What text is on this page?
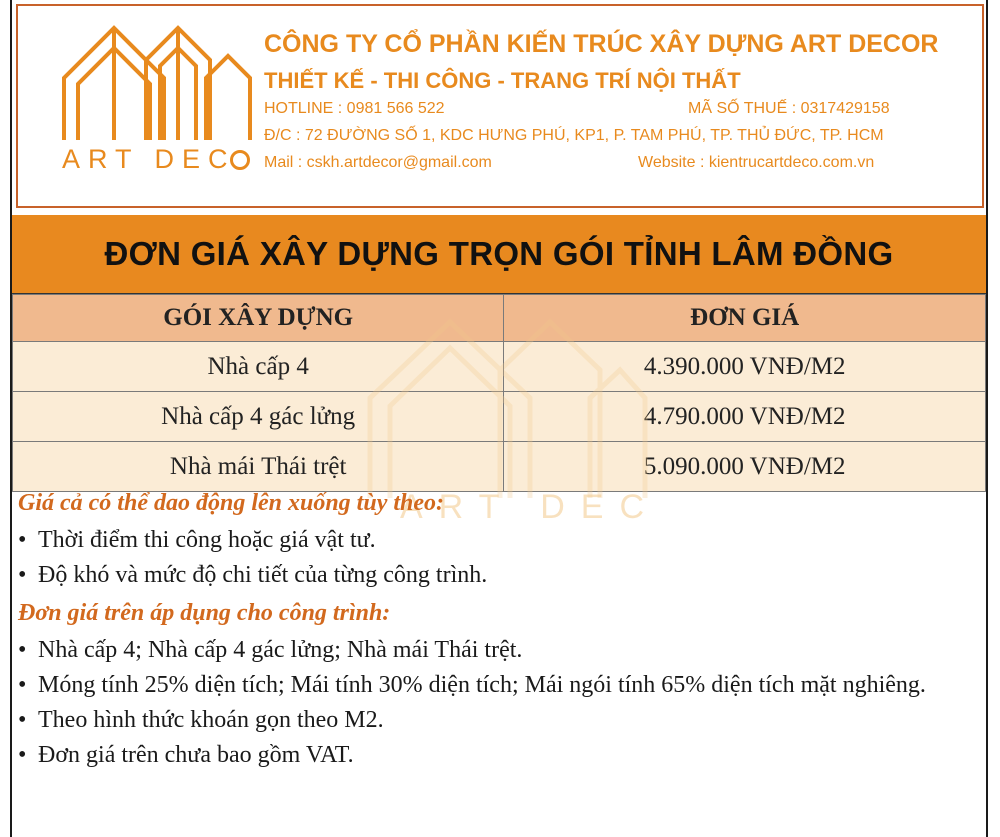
ART DEC
CÔNG TY CỔ PHẦN KIẾN TRÚC XÂY DỰNG ART DECOR
THIẾT KẾ - THI CÔNG - TRANG TRÍ NỘI THẤT
HOTLINE : 0981 566 522	MÃ SỐ THUẾ : 0317429158
Đ/C : 72 ĐƯỜNG SỐ 1, KDC HƯNG PHÚ, KP1, P. TAM PHÚ, TP. THỦ ĐỨC, TP. HCM
Mail : cskh.artdecor@gmail.com	Website : kientrucartdeco.com.vn
ĐƠN GIÁ XÂY DỰNG TRỌN GÓI TỈNH LÂM ĐỒNG
GÓI XÂY DỰNG	ĐƠN GIÁ
Nhà cấp 4	4.390.000 VNĐ/M2
Nhà cấp 4 gác lửng	4.790.000 VNĐ/M2
Nhà mái Thái trệt	5.090.000 VNĐ/M2
ART DEC
Giá cả có thể dao động lên xuống tùy theo:
• Thời điểm thi công hoặc giá vật tư.
• Độ khó và mức độ chi tiết của từng công trình.
Đơn giá trên áp dụng cho công trình:
• Nhà cấp 4; Nhà cấp 4 gác lửng; Nhà mái Thái trệt.
• Móng tính 25% diện tích; Mái tính 30% diện tích; Mái ngói tính 65% diện tích mặt nghiêng.
• Theo hình thức khoán gọn theo M2.
• Đơn giá trên chưa bao gồm VAT.
